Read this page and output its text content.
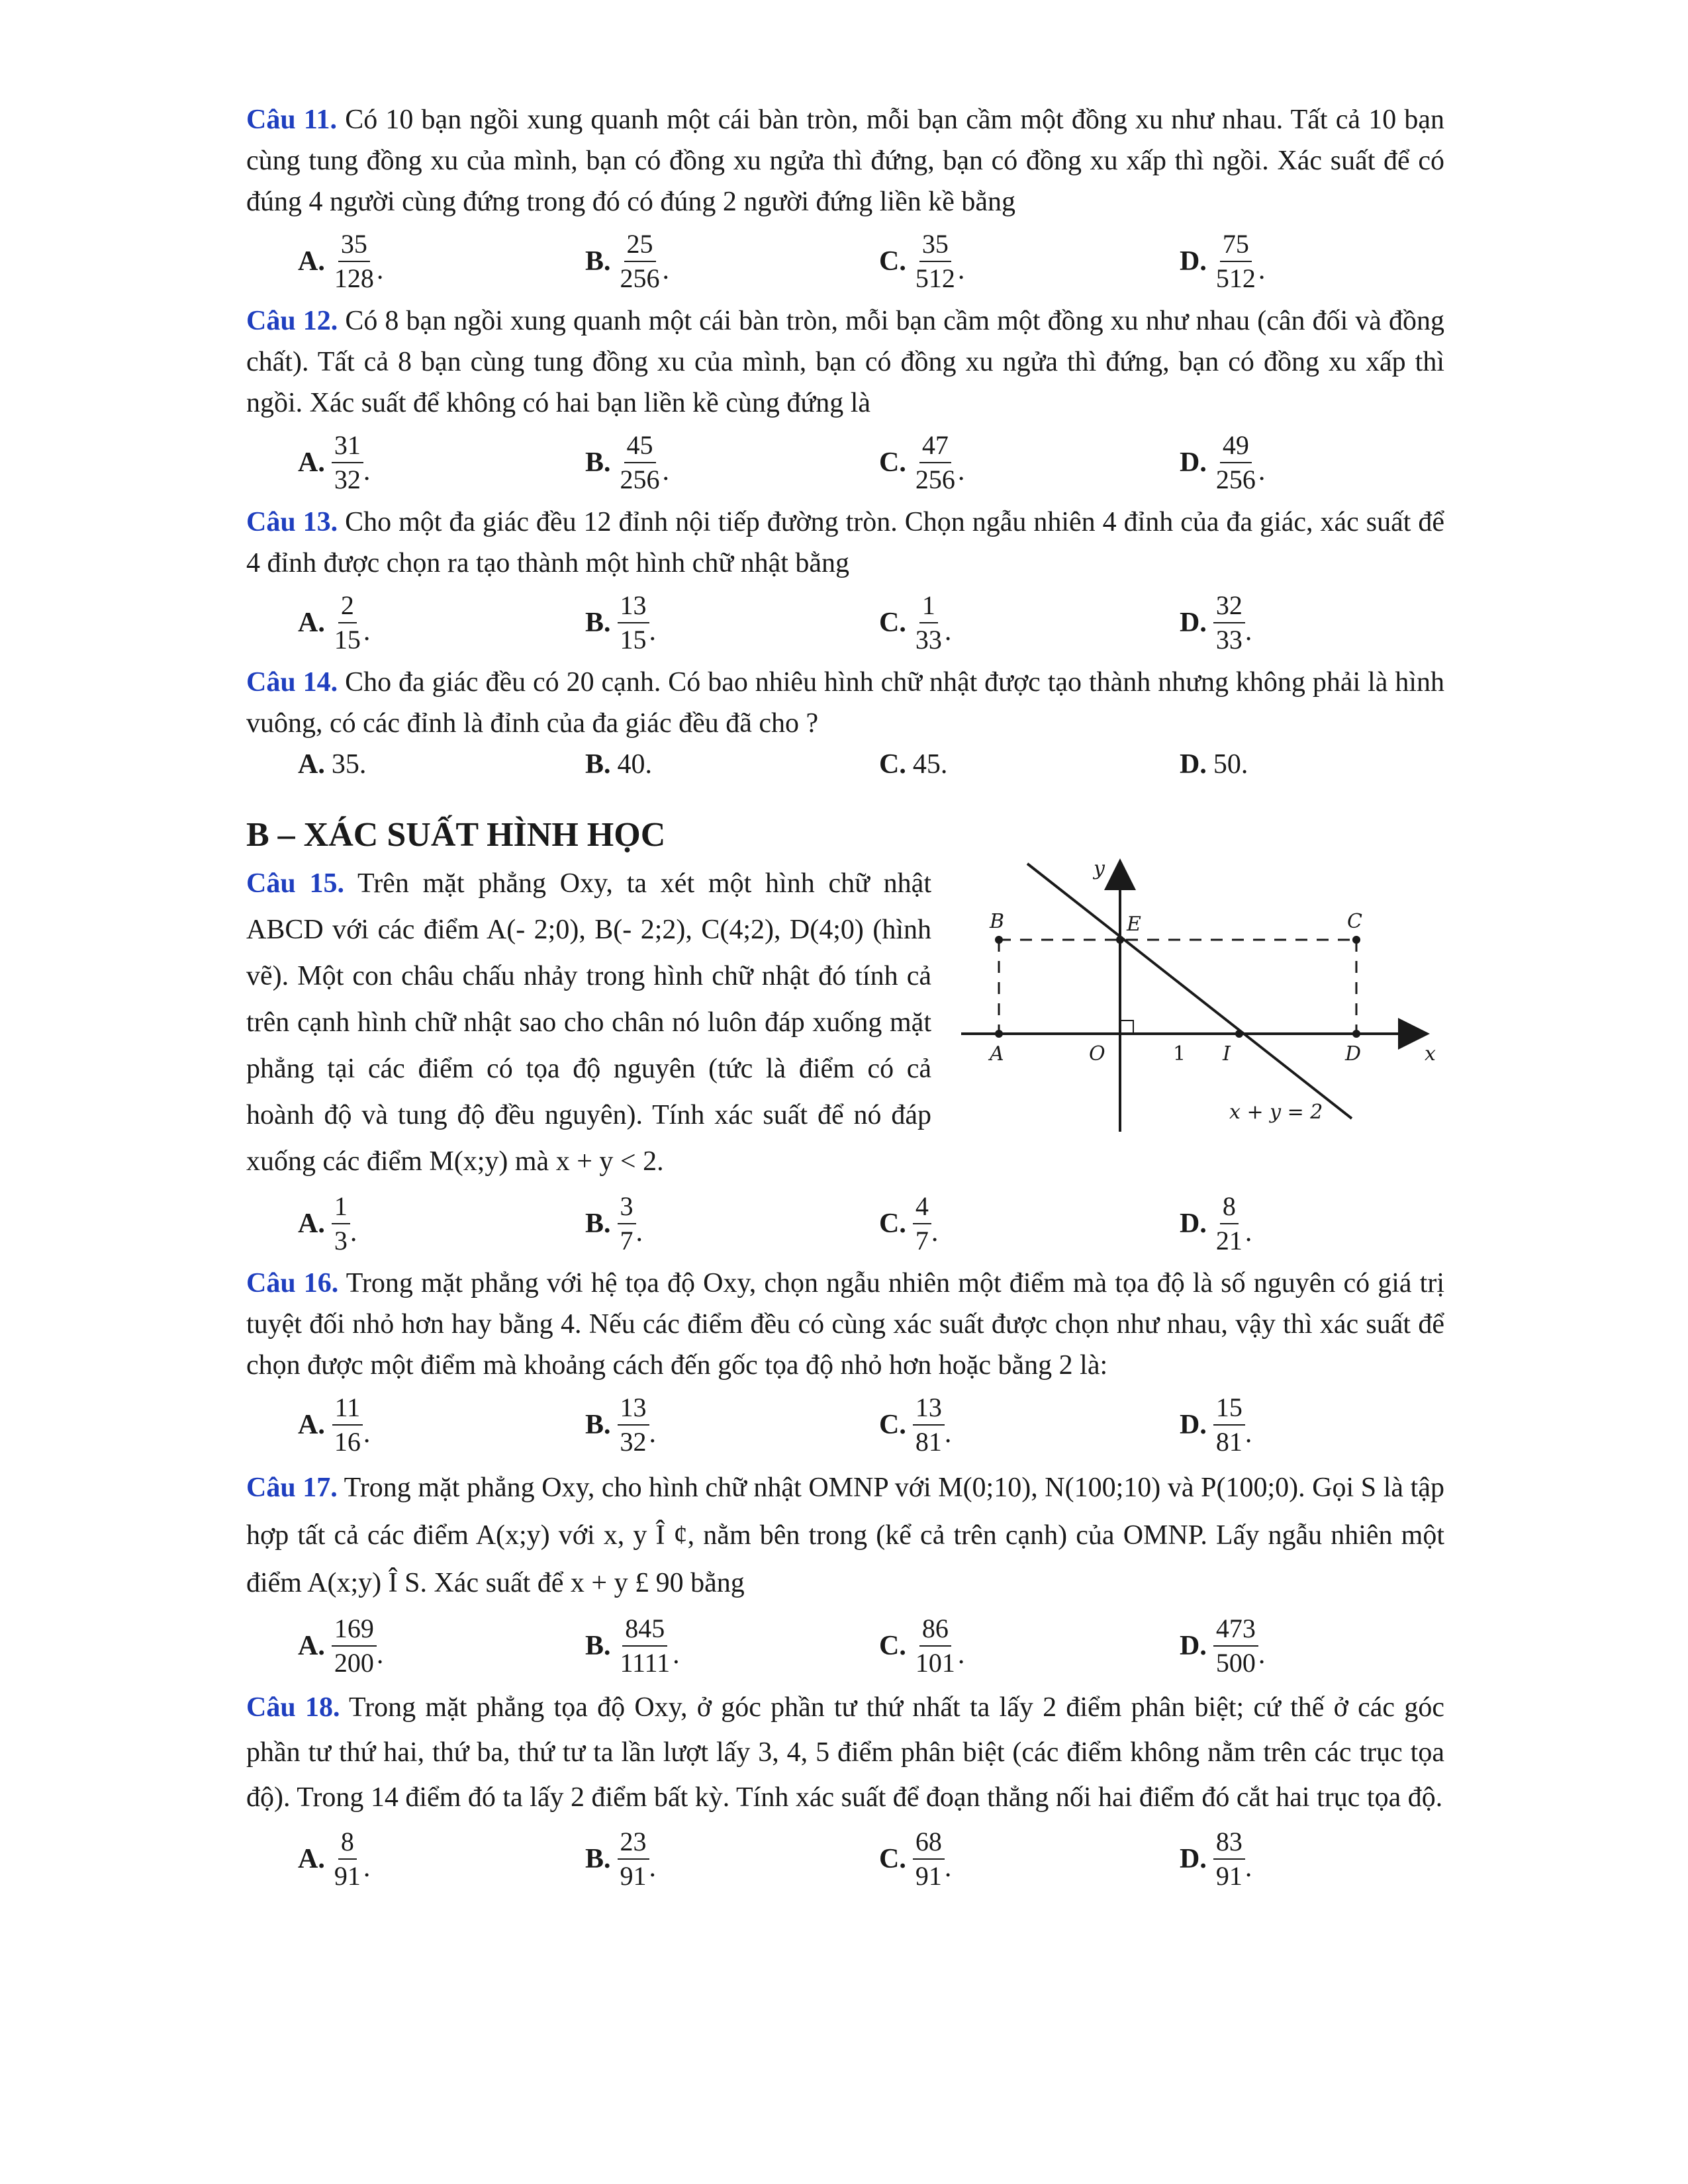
Câu 11. Có 10 bạn ngồi xung quanh một cái bàn tròn, mỗi bạn cầm một đồng xu như nhau. Tất cả 10 bạn cùng tung đồng xu của mình, bạn có đồng xu ngửa thì đứng, bạn có đồng xu xấp thì ngồi. Xác suất để có đúng 4 người cùng đứng trong đó có đúng 2 người đứng liền kề bằng
A. $\frac{35}{128}$ .	B. $\frac{25}{256}$ .	C. $\frac{35}{512}$ .	D. $\frac{75}{512}$ .
Câu 12. Có 8 bạn ngồi xung quanh một cái bàn tròn, mỗi bạn cầm một đồng xu như nhau (cân đối và đồng chất). Tất cả 8 bạn cùng tung đồng xu của mình, bạn có đồng xu ngửa thì đứng, bạn có đồng xu xấp thì ngồi. Xác suất để không có hai bạn liền kề cùng đứng là
A. $\frac{31}{32}$ .	B. $\frac{45}{256}$ .	C. $\frac{47}{256}$ .	D. $\frac{49}{256}$ .
Câu 13. Cho một đa giác đều 12 đỉnh nội tiếp đường tròn. Chọn ngẫu nhiên 4 đỉnh của đa giác, xác suất để 4 đỉnh được chọn ra tạo thành một hình chữ nhật bằng
A. $\frac{2}{15}$ .	B. $\frac{13}{15}$ .	C. $\frac{1}{33}$ .	D. $\frac{32}{33}$ .
Câu 14. Cho đa giác đều có 20 cạnh. Có bao nhiêu hình chữ nhật được tạo thành nhưng không phải là hình vuông, có các đỉnh là đỉnh của đa giác đều đã cho ?
A. 35.	B. 40.	C. 45.	D. 50.
B – XÁC SUẤT HÌNH HỌC
Câu 15. Trên mặt phẳng Oxy, ta xét một hình chữ nhật ABCD với các điểm A(- 2;0), B(- 2;2), C(4;2), D(4;0) (hình vẽ). Một con châu chấu nhảy trong hình chữ nhật đó tính cả trên cạnh hình chữ nhật sao cho chân nó luôn đáp xuống mặt phẳng tại các điểm có tọa độ nguyên (tức là điểm có cả hoành độ và tung độ đều nguyên). Tính xác suất để nó đáp xuống các điểm M(x;y) mà x + y < 2.
y
x
O	1
B	E	C
A	I	D
x + y = 2
A. $\frac{1}{3}$ .	B. $\frac{3}{7}$ .	C. $\frac{4}{7}$ .	D. $\frac{8}{21}$ .
Câu 16. Trong mặt phẳng với hệ tọa độ Oxy, chọn ngẫu nhiên một điểm mà tọa độ là số nguyên có giá trị tuyệt đối nhỏ hơn hay bằng 4. Nếu các điểm đều có cùng xác suất được chọn như nhau, vậy thì xác suất để chọn được một điểm mà khoảng cách đến gốc tọa độ nhỏ hơn hoặc bằng 2 là:
A. $\frac{11}{16}$ .	B. $\frac{13}{32}$ .	C. $\frac{13}{81}$ .	D. $\frac{15}{81}$ .
Câu 17. Trong mặt phẳng Oxy, cho hình chữ nhật OMNP với M(0;10), N(100;10) và P(100;0). Gọi S là tập hợp tất cả các điểm A(x;y) với x, y Î ¢, nằm bên trong (kể cả trên cạnh) của OMNP. Lấy ngẫu nhiên một điểm A(x;y) Î S. Xác suất để x + y £ 90 bằng
A. $\frac{169}{200}$ .	B. $\frac{845}{1111}$ .	C. $\frac{86}{101}$ .	D. $\frac{473}{500}$ .
Câu 18. Trong mặt phẳng tọa độ Oxy, ở góc phần tư thứ nhất ta lấy 2 điểm phân biệt; cứ thế ở các góc phần tư thứ hai, thứ ba, thứ tư ta lần lượt lấy 3, 4, 5 điểm phân biệt (các điểm không nằm trên các trục tọa độ). Trong 14 điểm đó ta lấy 2 điểm bất kỳ. Tính xác suất để đoạn thẳng nối hai điểm đó cắt hai trục tọa độ.
A. $\frac{8}{91}$ .	B. $\frac{23}{91}$ .	C. $\frac{68}{91}$ .	D. $\frac{83}{91}$ .
